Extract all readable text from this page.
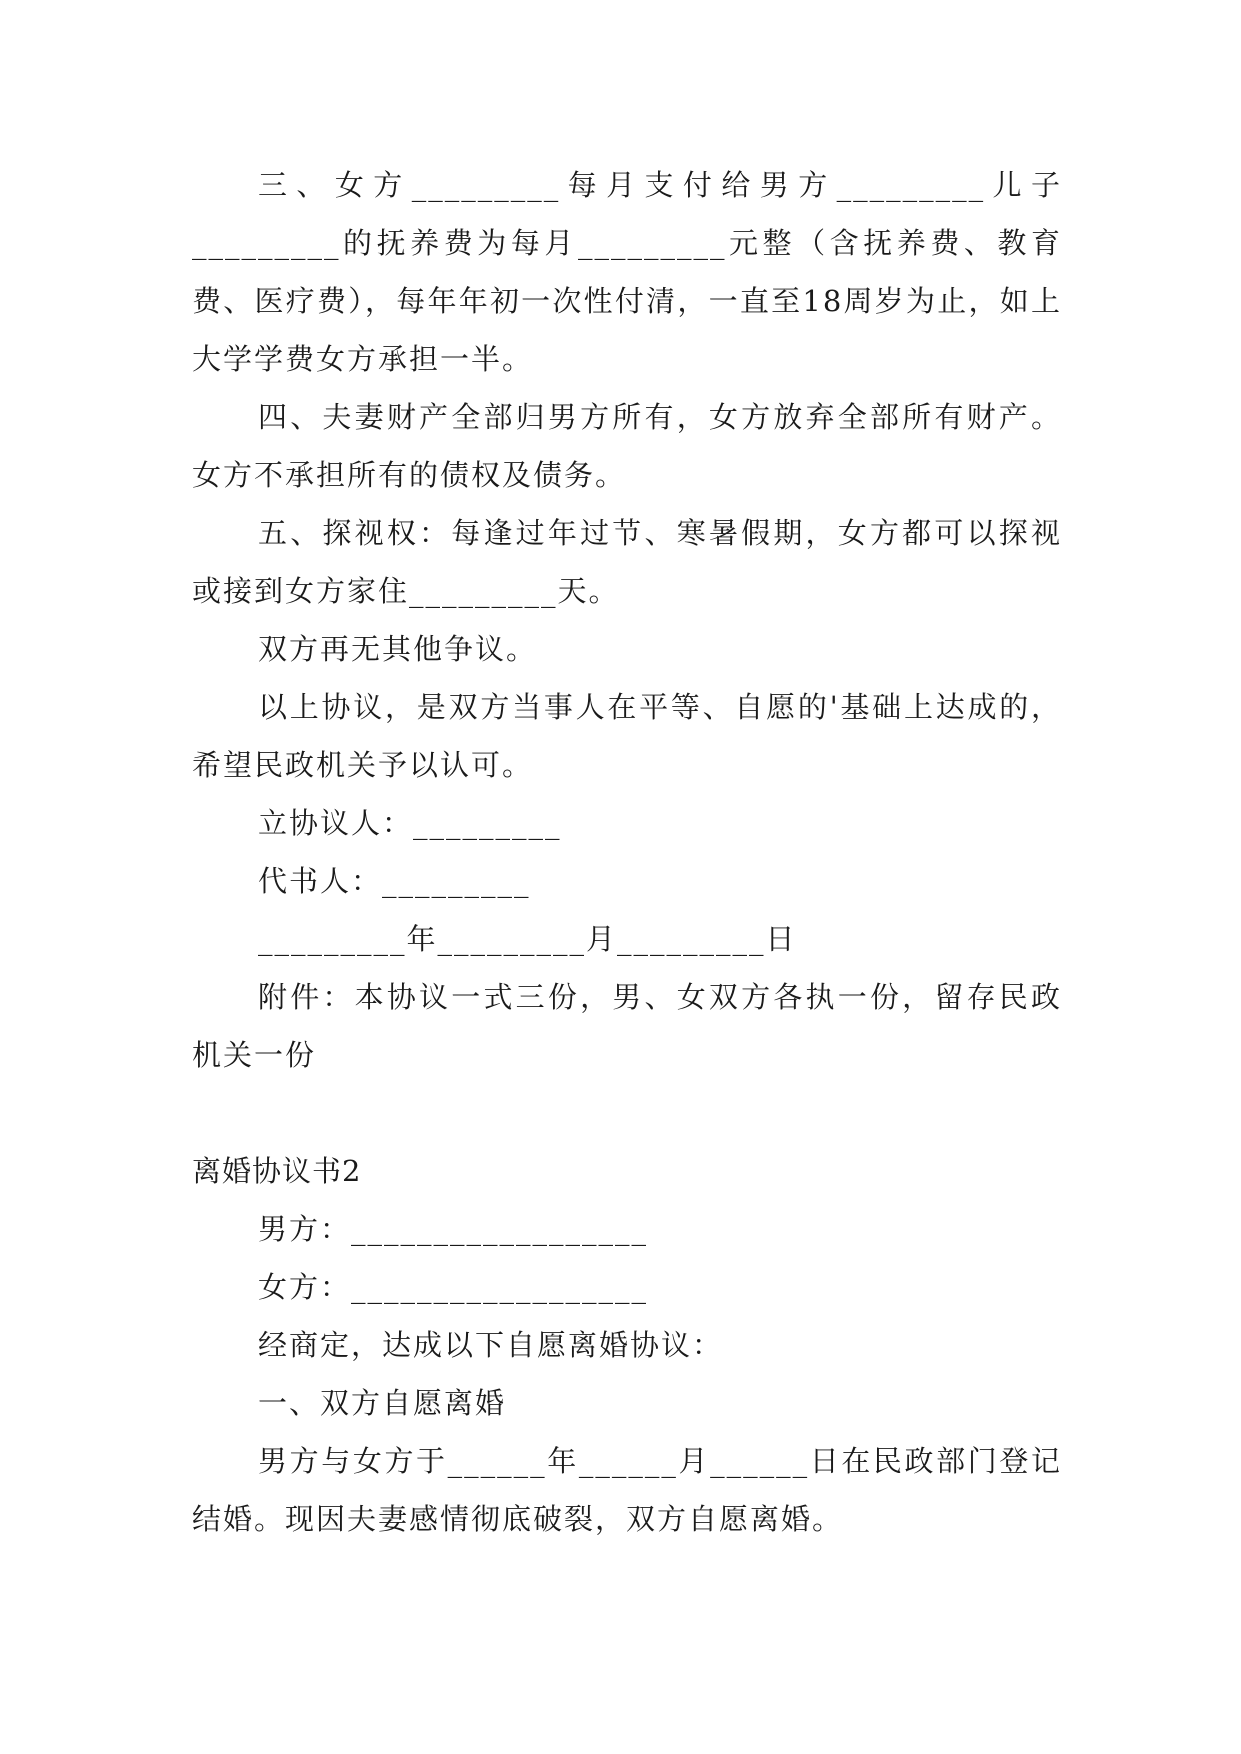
三、女方_________每月支付给男方_________儿子_________的抚养费为每月_________元整（含抚养费、教育费、医疗费），每年年初一次性付清，一直至18周岁为止，如上大学学费女方承担一半。

四、夫妻财产全部归男方所有，女方放弃全部所有财产。女方不承担所有的债权及债务。

五、探视权：每逢过年过节、寒暑假期，女方都可以探视或接到女方家住_________天。

双方再无其他争议。

以上协议，是双方当事人在平等、自愿的'基础上达成的，希望民政机关予以认可。

立协议人：_________

代书人：_________

_________年_________月_________日

附件：本协议一式三份，男、女双方各执一份，留存民政机关一份

离婚协议书2

男方：__________________

女方：__________________

经商定，达成以下自愿离婚协议：

一、双方自愿离婚

男方与女方于______年______月______日在民政部门登记结婚。现因夫妻感情彻底破裂，双方自愿离婚。
